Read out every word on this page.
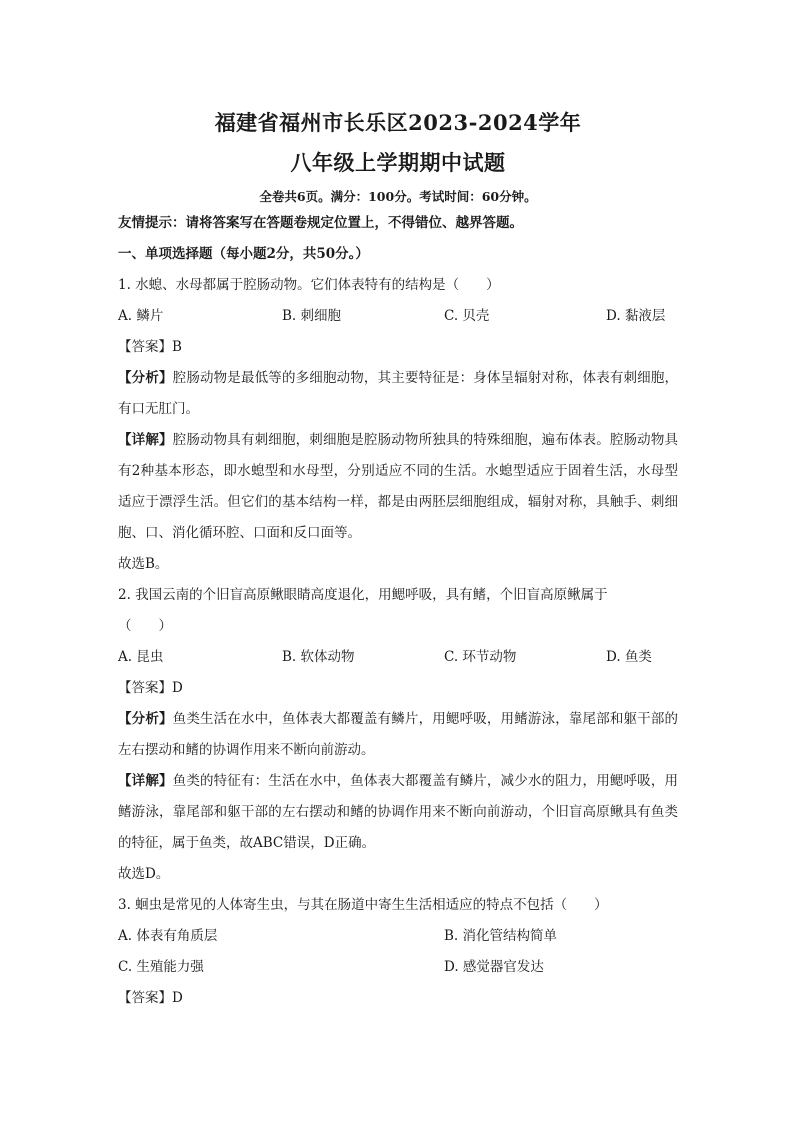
福建省福州市长乐区2023-2024学年
八年级上学期期中试题
全卷共6页。满分：100分。考试时间：60分钟。
友情提示：请将答案写在答题卷规定位置上，不得错位、越界答题。
一、单项选择题（每小题2分，共50分。）
1. 水螅、水母都属于腔肠动物。它们体表特有的结构是（　　）
A. 鳞片	B. 刺细胞	C. 贝壳	D. 黏液层
【答案】B
【分析】腔肠动物是最低等的多细胞动物，其主要特征是：身体呈辐射对称，体表有刺细胞，有口无肛门。
【详解】腔肠动物具有刺细胞，刺细胞是腔肠动物所独具的特殊细胞，遍布体表。腔肠动物具有2种基本形态，即水螅型和水母型，分别适应不同的生活。水螅型适应于固着生活，水母型适应于漂浮生活。但它们的基本结构一样，都是由两胚层细胞组成，辐射对称，具触手、刺细胞、口、消化循环腔、口面和反口面等。
故选B。
2. 我国云南的个旧盲高原鳅眼睛高度退化，用鳃呼吸，具有鳍，个旧盲高原鳅属于
（　　）
A. 昆虫	B. 软体动物	C. 环节动物	D. 鱼类
【答案】D
【分析】鱼类生活在水中，鱼体表大都覆盖有鳞片，用鳃呼吸，用鳍游泳，靠尾部和躯干部的左右摆动和鳍的协调作用来不断向前游动。
【详解】鱼类的特征有：生活在水中，鱼体表大都覆盖有鳞片，减少水的阻力，用鳃呼吸，用鳍游泳，靠尾部和躯干部的左右摆动和鳍的协调作用来不断向前游动，个旧盲高原鳅具有鱼类的特征，属于鱼类，故ABC错误，D正确。
故选D。
3. 蛔虫是常见的人体寄生虫，与其在肠道中寄生生活相适应的特点不包括（　　）
A. 体表有角质层	B. 消化管结构简单
C. 生殖能力强	D. 感觉器官发达
【答案】D
